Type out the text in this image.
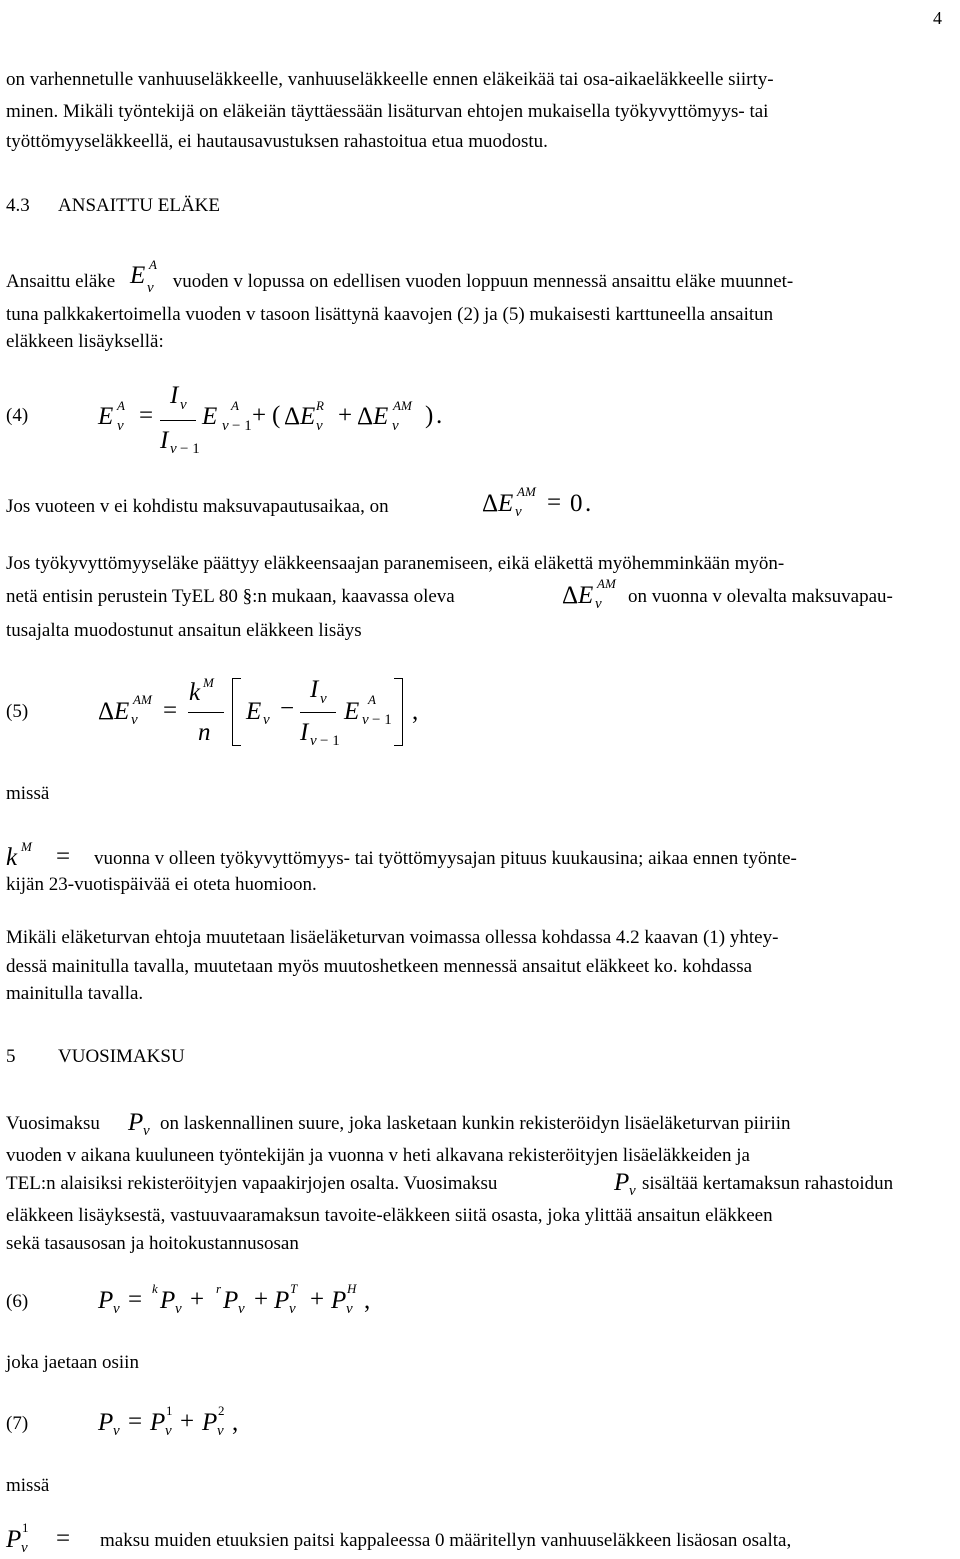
4
on varhennetulle vanhuuseläkkeelle, vanhuuseläkkeelle ennen eläkeikää tai osa-aikaeläkkeelle siirty-
minen. Mikäli työntekijä on eläkeiän täyttäessään lisäturvan ehtojen mukaisella työkyvyttömyys- tai
työttömyyseläkkeellä, ei hautausavustuksen rahastoitua etua muodostu.
4.3 ANSAITTU ELÄKE
Ansaittu eläke E A
v vuoden v lopussa on edellisen vuoden loppuun mennessä ansaittu eläke muunnet-
tuna palkkakertoimella vuoden v tasoon lisättynä kaavojen (2) ja (5) mukaisesti karttuneella ansaitun
eläkkeen lisäyksellä:
(4)	E A
v =
I v
I v − 1
E A
v − 1 + ( Δ E R
v + Δ E AM
v ) .
Jos vuoteen v ei kohdistu maksuvapautusaikaa, on	Δ E AM
v = 0 .
Jos työkyvyttömyyseläke päättyy eläkkeensaajan paranemiseen, eikä eläkettä myöhemminkään myön-
netä entisin perustein TyEL 80 §:n mukaan, kaavassa oleva	Δ E AM
v on vuonna v olevalta maksuvapau-
tusajalta muodostunut ansaitun eläkkeen lisäys
(5)	Δ E AM
v =
k M
n
E v −
I v
I v − 1
E A
v − 1 ,
missä
k M = vuonna v olleen työkyvyttömyys- tai työttömyysajan pituus kuukausina; aikaa ennen työnte-
kijän 23-vuotispäivää ei oteta huomioon.
Mikäli eläketurvan ehtoja muutetaan lisäeläketurvan voimassa ollessa kohdassa 4.2 kaavan (1) yhtey-
dessä mainitulla tavalla, muutetaan myös muutoshetkeen mennessä ansaitut eläkkeet ko. kohdassa
mainitulla tavalla.
5 VUOSIMAKSU
Vuosimaksu P v on laskennallinen suure, joka lasketaan kunkin rekisteröidyn lisäeläketurvan piiriin
vuoden v aikana kuuluneen työntekijän ja vuonna v heti alkavana rekisteröityjen lisäeläkkeiden ja
TEL:n alaisiksi rekisteröityjen vapaakirjojen osalta. Vuosimaksu	P v sisältää kertamaksun rahastoidun
eläkkeen lisäyksestä, vastuuvaaramaksun tavoite-eläkkeen siitä osasta, joka ylittää ansaitun eläkkeen
sekä tasausosan ja hoitokustannusosan
(6)	P v = k P v + r P v + P T
v + P H
v ,
joka jaetaan osiin
(7)	P v = P 1
v + P 2
v ,
missä
P 1
v = maksu muiden etuuksien paitsi kappaleessa 0 määritellyn vanhuuseläkkeen lisäosan osalta,
